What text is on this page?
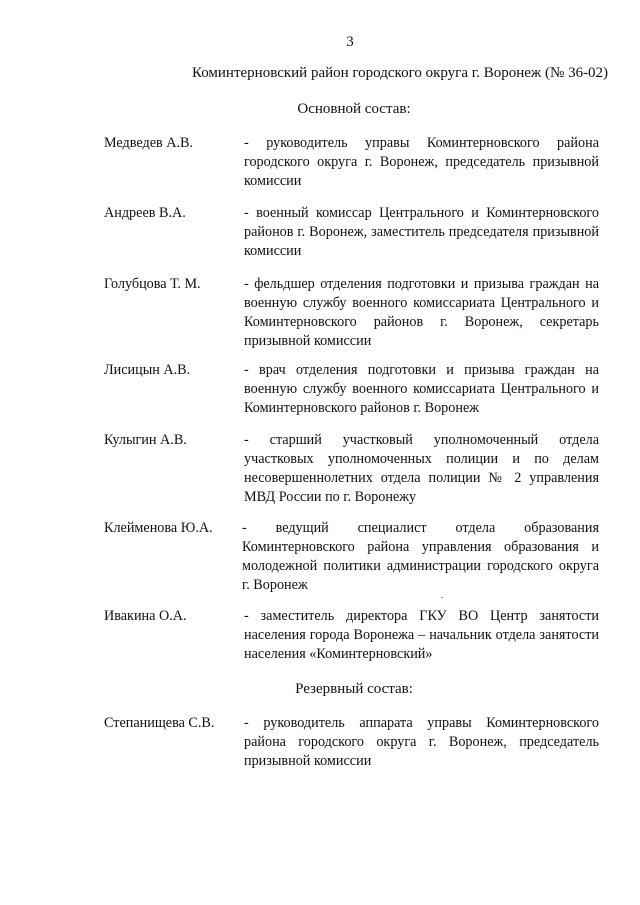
3
Коминтерновский район городского округа г. Воронеж (№ 36-02)
Основной состав:
Медведев А.В.	- руководитель управы Коминтерновского района городского округа г. Воронеж, председатель призывной комиссии
Андреев В.А.	- военный комиссар Центрального и Коминтерновского районов г. Воронеж, заместитель председателя призывной комиссии
Голубцова Т. М.	- фельдшер отделения подготовки и призыва граждан на военную службу военного комиссариата Центрального и Коминтерновского районов г. Воронеж, секретарь призывной комиссии
Лисицын А.В.	- врач отделения подготовки и призыва граждан на военную службу военного комиссариата Центрального и Коминтерновского районов г. Воронеж
Кулыгин А.В.	- старший участковый уполномоченный отдела участковых уполномоченных полиции и по делам несовершеннолетних отдела полиции № 2 управления МВД России по г. Воронежу
Клейменова Ю.А.	- ведущий специалист отдела образования Коминтерновского района управления образования и молодежной политики администрации городского округа г. Воронеж
Ивакина О.А.	- заместитель директора ГКУ ВО Центр занятости населения города Воронежа – начальник отдела занятости населения «Коминтерновский»
Резервный состав:
Степанищева С.В.	- руководитель аппарата управы Коминтерновского района городского округа г. Воронеж, председатель призывной комиссии
